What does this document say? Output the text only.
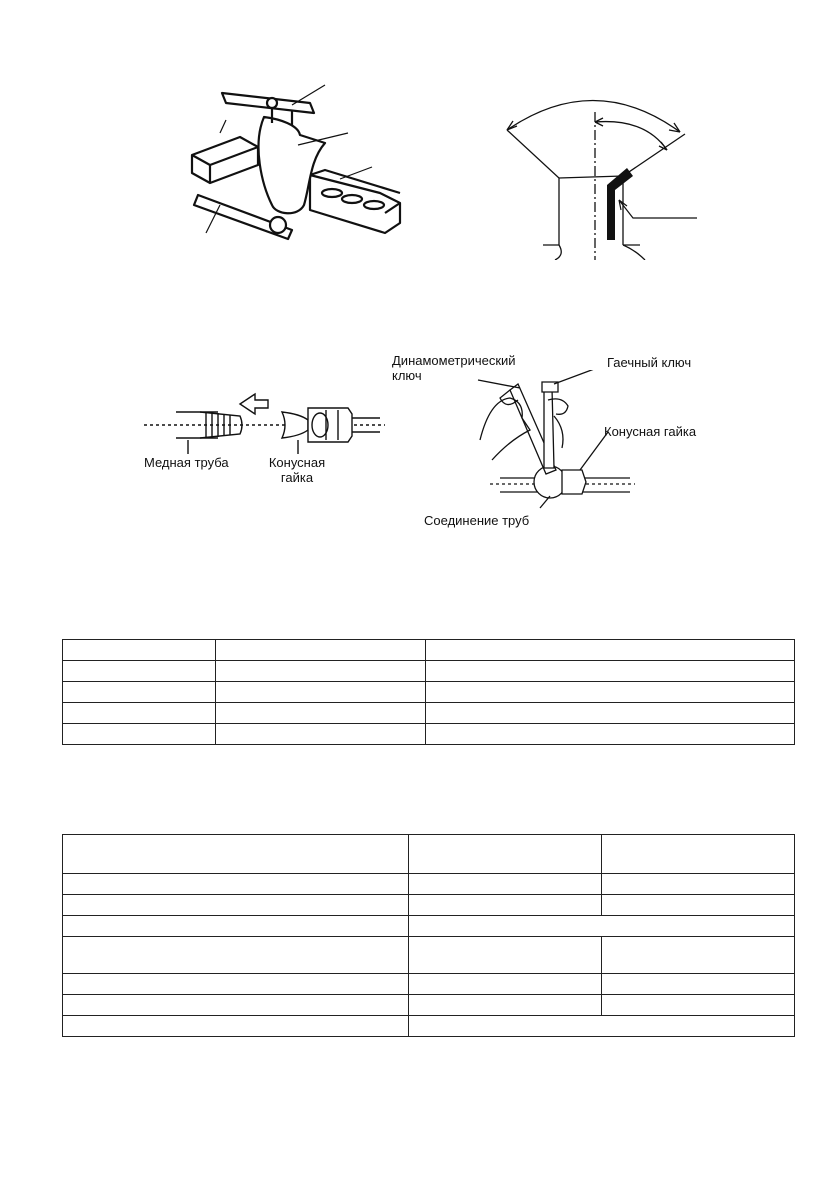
Медная труба	Конусная
гайка
Динамометрический
ключ
Гаечный ключ
Конусная гайка
Соединение труб
